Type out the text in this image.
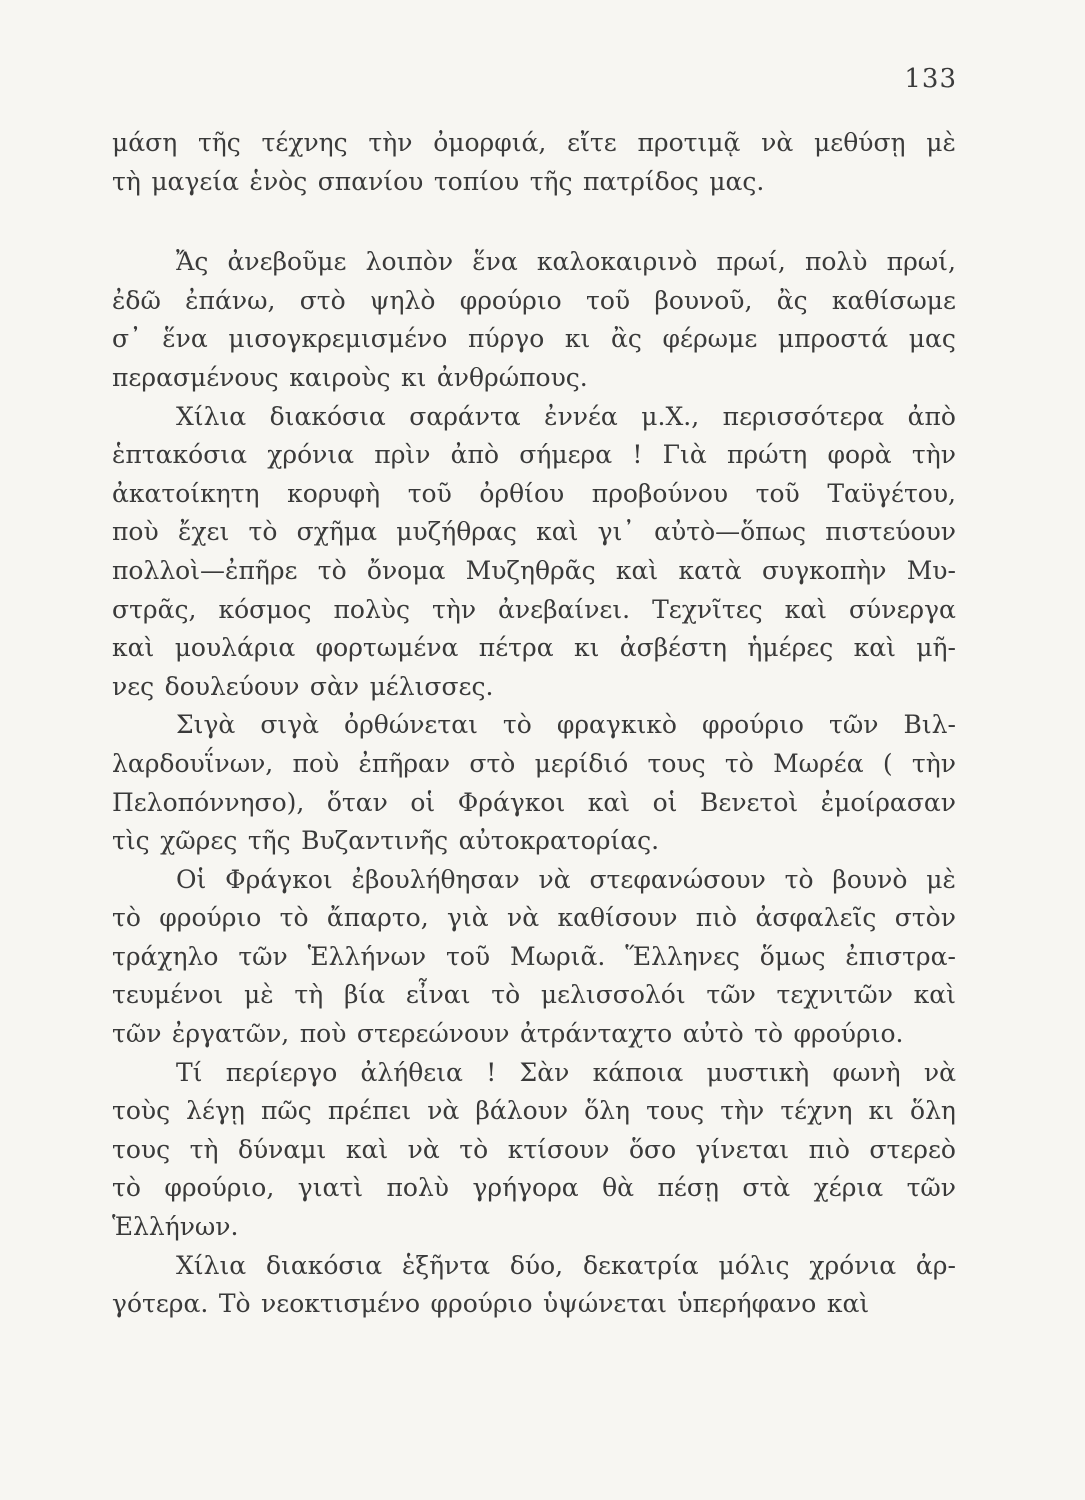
133
μάση τῆς τέχνης τὴν ὀμορφιά, εἴτε προτιμᾷ νὰ μεθύσῃ μὲ
τὴ μαγεία ἑνὸς σπανίου τοπίου τῆς πατρίδος μας.
Ἄς ἀνεβοῦμε λοιπὸν ἕνα καλοκαιρινὸ πρωί, πολὺ πρωί,
ἐδῶ ἐπάνω, στὸ ψηλὸ φρούριο τοῦ βουνοῦ, ἂς καθίσωμε
σ᾽ ἕνα μισογκρεμισμένο πύργο κι ἂς φέρωμε μπροστά μας
περασμένους καιροὺς κι ἀνθρώπους.
Χίλια διακόσια σαράντα ἐννέα μ.Χ., περισσότερα ἀπὸ
ἑπτακόσια χρόνια πρὶν ἀπὸ σήμερα ! Γιὰ πρώτη φορὰ τὴν
ἀκατοίκητη κορυφὴ τοῦ ὀρθίου προβούνου τοῦ Ταϋγέτου,
ποὺ ἔχει τὸ σχῆμα μυζήθρας καὶ γι᾽ αὐτὸ—ὅπως πιστεύουν
πολλοὶ—ἐπῆρε τὸ ὄνομα Μυζηθρᾶς καὶ κατὰ συγκοπὴν Μυ-
στρᾶς, κόσμος πολὺς τὴν ἀνεβαίνει. Τεχνῖτες καὶ σύνεργα
καὶ μουλάρια φορτωμένα πέτρα κι ἀσβέστη ἡμέρες καὶ μῆ-
νες δουλεύουν σὰν μέλισσες.
Σιγὰ σιγὰ ὀρθώνεται τὸ φραγκικὸ φρούριο τῶν Βιλ-
λαρδουΐνων, ποὺ ἐπῆραν στὸ μερίδιό τους τὸ Μωρέα ( τὴν
Πελοπόννησο), ὅταν οἱ Φράγκοι καὶ οἱ Βενετοὶ ἐμοίρασαν
τὶς χῶρες τῆς Βυζαντινῆς αὐτοκρατορίας.
Οἱ Φράγκοι ἐβουλήθησαν νὰ στεφανώσουν τὸ βουνὸ μὲ
τὸ φρούριο τὸ ἄπαρτο, γιὰ νὰ καθίσουν πιὸ ἀσφαλεῖς στὸν
τράχηλο τῶν Ἑλλήνων τοῦ Μωριᾶ. Ἕλληνες ὅμως ἐπιστρα-
τευμένοι μὲ τὴ βία εἶναι τὸ μελισσολόι τῶν τεχνιτῶν καὶ
τῶν ἐργατῶν, ποὺ στερεώνουν ἀτράνταχτο αὐτὸ τὸ φρούριο.
Τί περίεργο ἀλήθεια ! Σὰν κάποια μυστικὴ φωνὴ νὰ
τοὺς λέγῃ πῶς πρέπει νὰ βάλουν ὅλη τους τὴν τέχνη κι ὅλη
τους τὴ δύναμι καὶ νὰ τὸ κτίσουν ὅσο γίνεται πιὸ στερεὸ
τὸ φρούριο, γιατὶ πολὺ γρήγορα θὰ πέσῃ στὰ χέρια τῶν
Ἑλλήνων.
Χίλια διακόσια ἑξῆντα δύο, δεκατρία μόλις χρόνια ἀρ-
γότερα. Τὸ νεοκτισμένο φρούριο ὑψώνεται ὑπερήφανο καὶ
